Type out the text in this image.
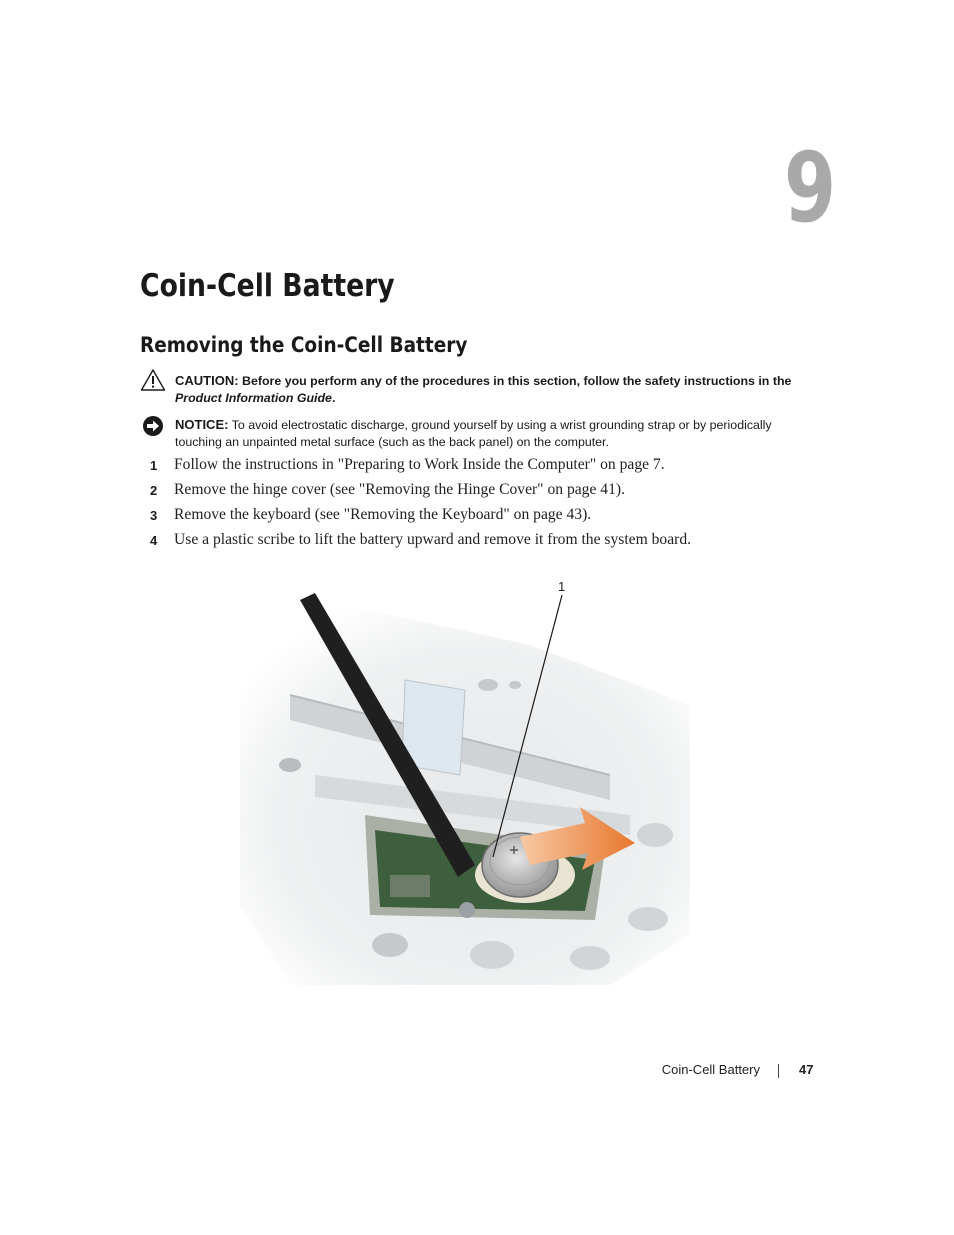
9
Coin-Cell Battery
Removing the Coin-Cell Battery
CAUTION: Before you perform any of the procedures in this section, follow the safety instructions in the
Product Information Guide.
NOTICE: To avoid electrostatic discharge, ground yourself by using a wrist grounding strap or by periodically touching an unpainted metal surface (such as the back panel) on the computer.
1 Follow the instructions in "Preparing to Work Inside the Computer" on page 7.
2 Remove the hinge cover (see "Removing the Hinge Cover" on page 41).
3 Remove the keyboard (see "Removing the Keyboard" on page 43).
4 Use a plastic scribe to lift the battery upward and remove it from the system board.
1
Coin-Cell Battery	47
